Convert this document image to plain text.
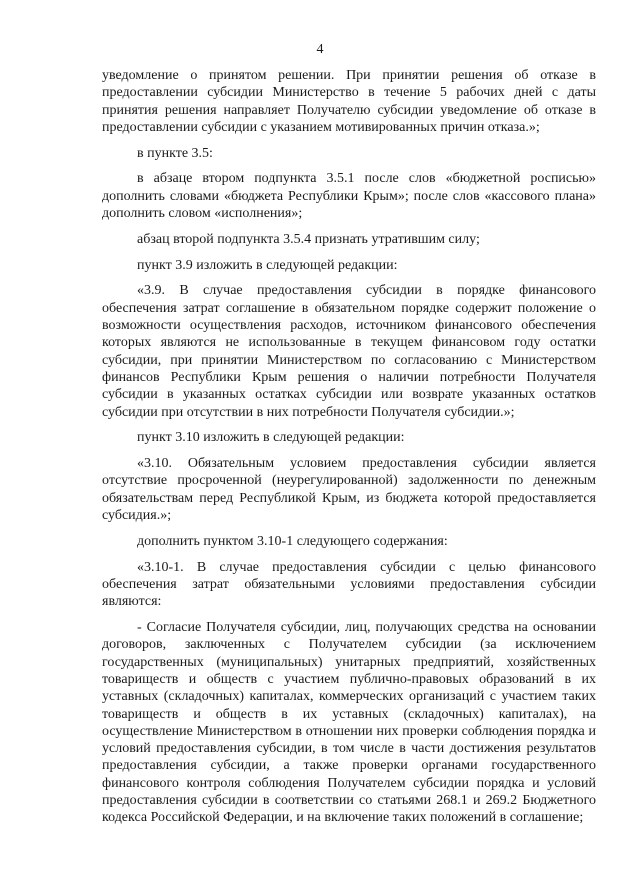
4

уведомление о принятом решении. При принятии решения об отказе в предоставлении субсидии Министерство в течение 5 рабочих дней с даты принятия решения направляет Получателю субсидии уведомление об отказе в предоставлении субсидии с указанием мотивированных причин отказа.»;

в пункте 3.5:

в абзаце втором подпункта 3.5.1 после слов «бюджетной росписью» дополнить словами «бюджета Республики Крым»; после слов «кассового плана» дополнить словом «исполнения»;

абзац второй подпункта 3.5.4 признать утратившим силу;

пункт 3.9 изложить в следующей редакции:

«3.9. В случае предоставления субсидии в порядке финансового обеспечения затрат соглашение в обязательном порядке содержит положение о возможности осуществления расходов, источником финансового обеспечения которых являются не использованные в текущем финансовом году остатки субсидии, при принятии Министерством по согласованию с Министерством финансов Республики Крым решения о наличии потребности Получателя субсидии в указанных остатках субсидии или возврате указанных остатков субсидии при отсутствии в них потребности Получателя субсидии.»;

пункт 3.10 изложить в следующей редакции:

«3.10. Обязательным условием предоставления субсидии является отсутствие просроченной (неурегулированной) задолженности по денежным обязательствам перед Республикой Крым, из бюджета которой предоставляется субсидия.»;

дополнить пунктом 3.10-1 следующего содержания:

«3.10-1. В случае предоставления субсидии с целью финансового обеспечения затрат обязательными условиями предоставления субсидии являются:

- Согласие Получателя субсидии, лиц, получающих средства на основании договоров, заключенных с Получателем субсидии (за исключением государственных (муниципальных) унитарных предприятий, хозяйственных товариществ и обществ с участием публично-правовых образований в их уставных (складочных) капиталах, коммерческих организаций с участием таких товариществ и обществ в их уставных (складочных) капиталах), на осуществление Министерством в отношении них проверки соблюдения порядка и условий предоставления субсидии, в том числе в части достижения результатов предоставления субсидии, а также проверки органами государственного финансового контроля соблюдения Получателем субсидии порядка и условий предоставления субсидии в соответствии со статьями 268.1 и 269.2 Бюджетного кодекса Российской Федерации, и на включение таких положений в соглашение;
